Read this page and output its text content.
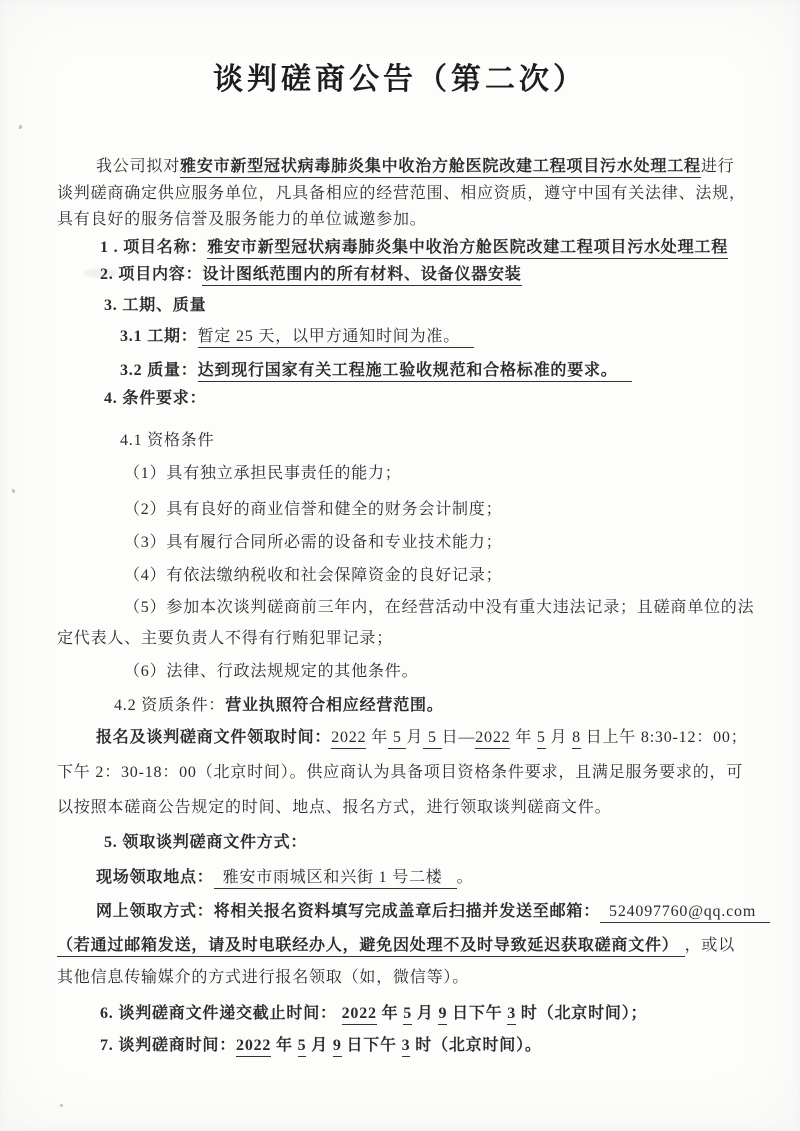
谈判磋商公告（第二次）

我公司拟对雅安市新型冠状病毒肺炎集中收治方舱医院改建工程项目污水处理工程进行

谈判磋商确定供应服务单位，凡具备相应的经营范围、相应资质，遵守中国有关法律、法规，

具有良好的服务信誉及服务能力的单位诚邀参加。

1 . 项目名称：雅安市新型冠状病毒肺炎集中收治方舱医院改建工程项目污水处理工程

2. 项目内容：设计图纸范围内的所有材料、设备仪器安装

3. 工期、质量

3.1 工期：暂定 25 天，以甲方通知时间为准。

3.2 质量：达到现行国家有关工程施工验收规范和合格标准的要求。

4. 条件要求：

4.1 资格条件

（1）具有独立承担民事责任的能力；

（2）具有良好的商业信誉和健全的财务会计制度；

（3）具有履行合同所必需的设备和专业技术能力；

（4）有依法缴纳税收和社会保障资金的良好记录；

（5）参加本次谈判磋商前三年内，在经营活动中没有重大违法记录；且磋商单位的法

定代表人、主要负责人不得有行贿犯罪记录；

（6）法律、行政法规规定的其他条件。

4.2 资质条件：营业执照符合相应经营范围。

报名及谈判磋商文件领取时间：2022 年 5 月 5 日—2022 年 5 月 8 日上午 8:30-12：00；

下午 2：30-18：00（北京时间）。供应商认为具备项目资格条件要求，且满足服务要求的，可

以按照本磋商公告规定的时间、地点、报名方式，进行领取谈判磋商文件。

5. 领取谈判磋商文件方式：

现场领取地点： 雅安市雨城区和兴街 1 号二楼 。

网上领取方式：将相关报名资料填写完成盖章后扫描并发送至邮箱： 524097760@qq.com

（若通过邮箱发送，请及时电联经办人，避免因处理不及时导致延迟获取磋商文件） ，或以

其他信息传输媒介的方式进行报名领取（如，微信等）。

6. 谈判磋商文件递交截止时间： 2022 年 5 月 9 日下午 3 时（北京时间）；

7. 谈判磋商时间：2022 年 5 月 9 日下午 3 时（北京时间）。
